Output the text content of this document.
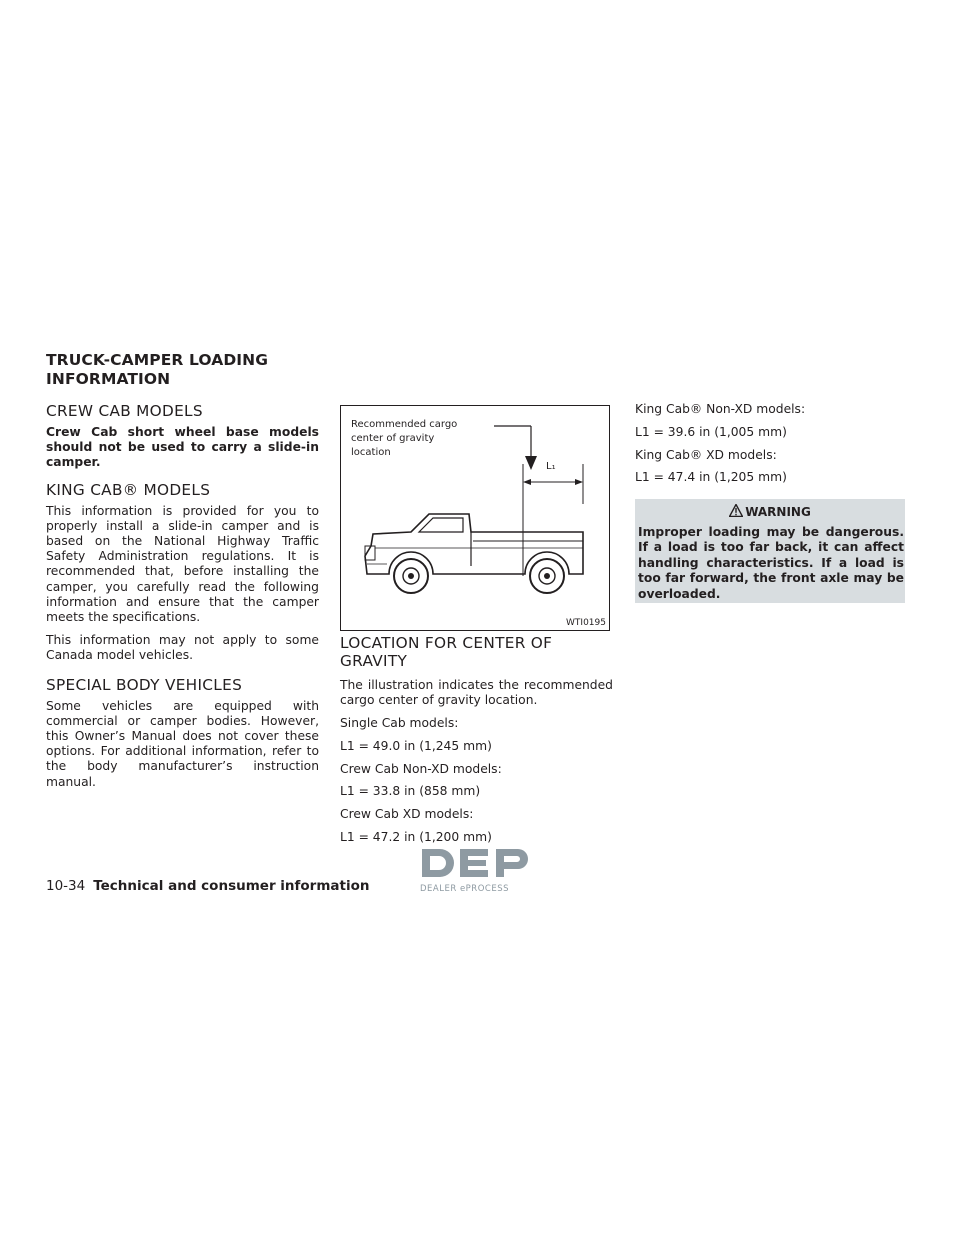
TRUCK-CAMPER LOADING
INFORMATION
CREW CAB MODELS
Crew Cab short wheel base models should not be used to carry a slide-in camper.
KING CAB® MODELS

This information is provided for you to properly install a slide-in camper and is based on the National Highway Traffic Safety Administration regulations. It is recommended that, before installing the camper, you carefully read the following information and ensure that the camper meets the specifications.

This information may not apply to some Canada model vehicles.

SPECIAL BODY VEHICLES

Some vehicles are equipped with commercial or camper bodies. However, this Owner’s Manual does not cover these options. For additional information, refer to the body manufacturer’s instruction manual.

Recommended cargo
center of gravity
location
L₁
WTI0195
LOCATION FOR CENTER OF
GRAVITY

The illustration indicates the recommended cargo center of gravity location.

Single Cab models:
L1 = 49.0 in (1,245 mm)
Crew Cab Non-XD models:
L1 = 33.8 in (858 mm)
Crew Cab XD models:
L1 = 47.2 in (1,200 mm)
King Cab® Non-XD models:
L1 = 39.6 in (1,005 mm)
King Cab® XD models:
L1 = 47.4 in (1,205 mm)
WARNING
Improper loading may be dangerous. If a load is too far back, it can affect handling characteristics. If a load is too far forward, the front axle may be overloaded.
10-34 Technical and consumer information	DEALER ePROCESS
